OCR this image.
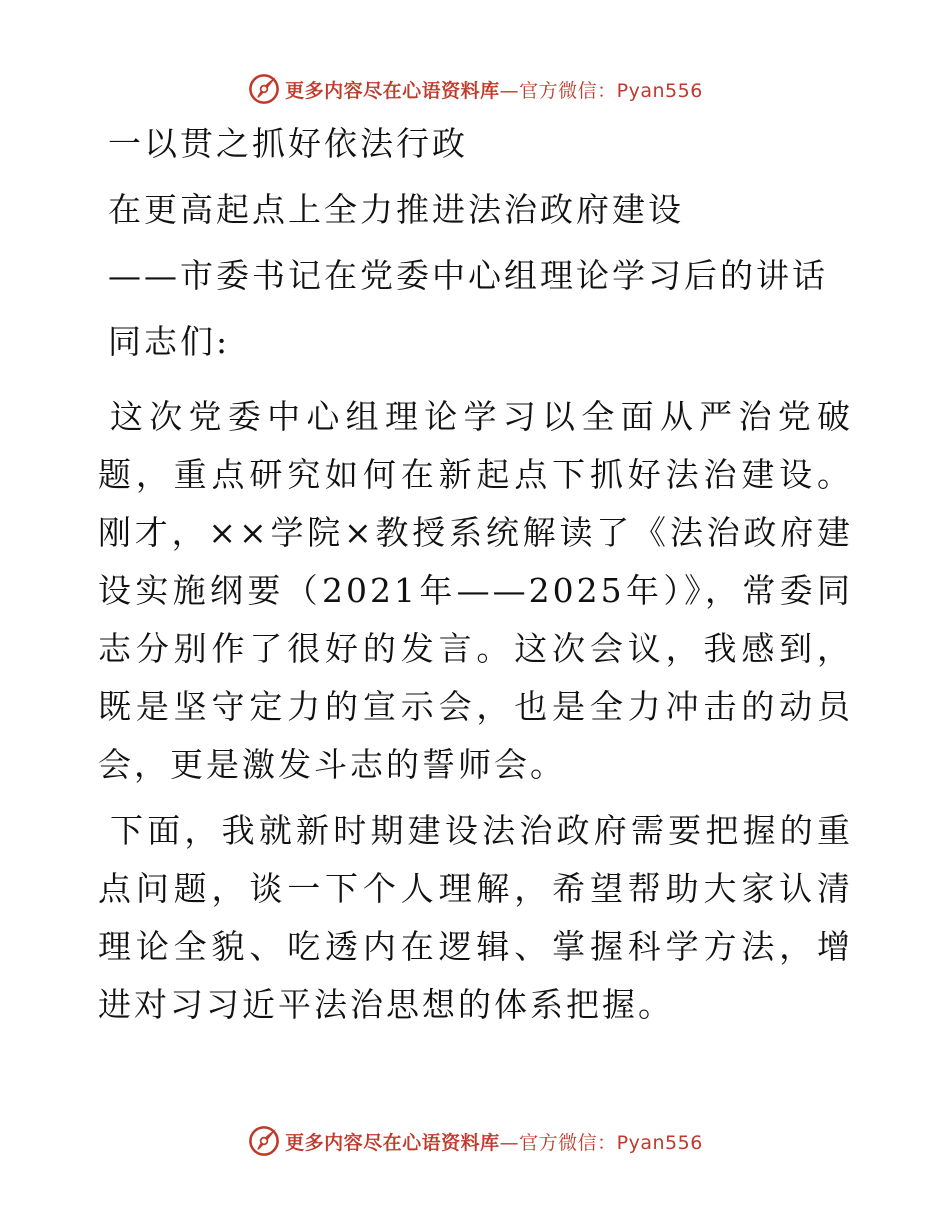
更多内容尽在心语资料库 —官方微信：Pyan556
一以贯之抓好依法行政
在更高起点上全力推进法治政府建设
——市委书记在党委中心组理论学习后的讲话
同志们:

这次党委中心组理论学习以全面从严治党破题，重点研究如何在新起点下抓好法治建设。刚才，××学院×教授系统解读了《法治政府建设实施纲要（2021年——2025年）》，常委同志分别作了很好的发言。这次会议，我感到，既是坚守定力的宣示会，也是全力冲击的动员会，更是激发斗志的誓师会。

下面，我就新时期建设法治政府需要把握的重点问题，谈一下个人理解，希望帮助大家认清理论全貌、吃透内在逻辑、掌握科学方法，增进对习习近平法治思想的体系把握。

更多内容尽在心语资料库 —官方微信：Pyan556
